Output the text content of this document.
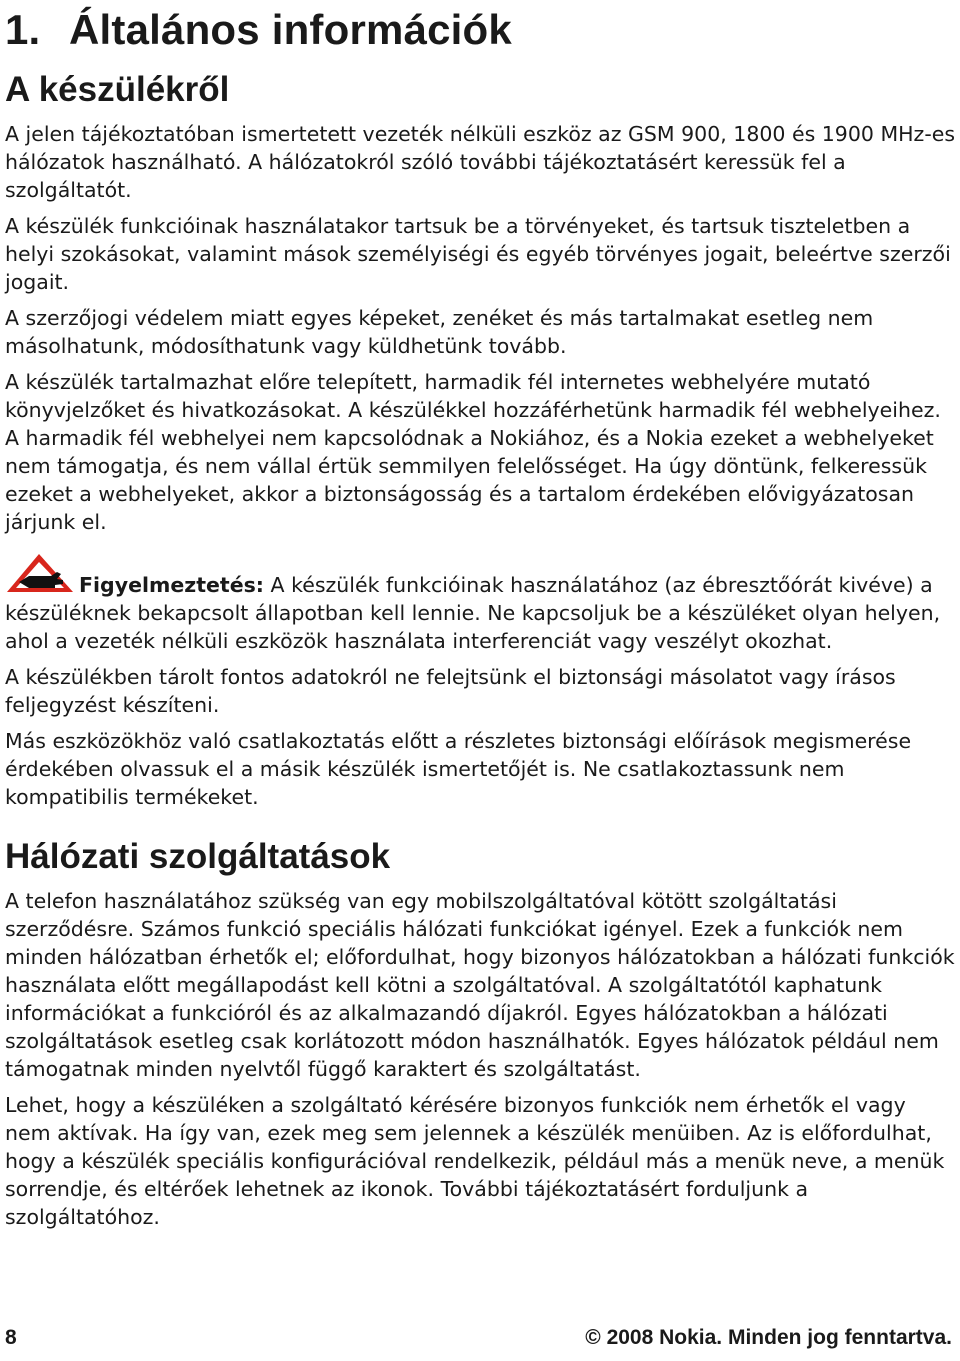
1. Általános információk
A készülékről

A jelen tájékoztatóban ismertetett vezeték nélküli eszköz az GSM 900, 1800 és 1900 MHz-es hálózatok használható. A hálózatokról szóló további tájékoztatásért keressük fel a szolgáltatót.

A készülék funkcióinak használatakor tartsuk be a törvényeket, és tartsuk tiszteletben a helyi szokásokat, valamint mások személyiségi és egyéb törvényes jogait, beleértve szerzői jogait.

A szerzőjogi védelem miatt egyes képeket, zenéket és más tartalmakat esetleg nem másolhatunk, módosíthatunk vagy küldhetünk tovább.

A készülék tartalmazhat előre telepített, harmadik fél internetes webhelyére mutató könyvjelzőket és hivatkozásokat. A készülékkel hozzáférhetünk harmadik fél webhelyeihez. A harmadik fél webhelyei nem kapcsolódnak a Nokiához, és a Nokia ezeket a webhelyeket nem támogatja, és nem vállal értük semmilyen felelősséget. Ha úgy döntünk, felkeressük ezeket a webhelyeket, akkor a biztonságosság és a tartalom érdekében elővigyázatosan járjunk el.

Figyelmeztetés: A készülék funkcióinak használatához (az ébresztőórát kivéve) a készüléknek bekapcsolt állapotban kell lennie. Ne kapcsoljuk be a készüléket olyan helyen, ahol a vezeték nélküli eszközök használata interferenciát vagy veszélyt okozhat.

A készülékben tárolt fontos adatokról ne felejtsünk el biztonsági másolatot vagy írásos feljegyzést készíteni.

Más eszközökhöz való csatlakoztatás előtt a részletes biztonsági előírások megismerése érdekében olvassuk el a másik készülék ismertetőjét is. Ne csatlakoztassunk nem kompatibilis termékeket.

Hálózati szolgáltatások

A telefon használatához szükség van egy mobilszolgáltatóval kötött szolgáltatási szerződésre. Számos funkció speciális hálózati funkciókat igényel. Ezek a funkciók nem minden hálózatban érhetők el; előfordulhat, hogy bizonyos hálózatokban a hálózati funkciók használata előtt megállapodást kell kötni a szolgáltatóval. A szolgáltatótól kaphatunk információkat a funkcióról és az alkalmazandó díjakról. Egyes hálózatokban a hálózati szolgáltatások esetleg csak korlátozott módon használhatók. Egyes hálózatok például nem támogatnak minden nyelvtől függő karaktert és szolgáltatást.

Lehet, hogy a készüléken a szolgáltató kérésére bizonyos funkciók nem érhetők el vagy nem aktívak. Ha így van, ezek meg sem jelennek a készülék menüiben. Az is előfordulhat, hogy a készülék speciális konfigurációval rendelkezik, például más a menük neve, a menük sorrendje, és eltérőek lehetnek az ikonok. További tájékoztatásért forduljunk a szolgáltatóhoz.

8	© 2008 Nokia. Minden jog fenntartva.
